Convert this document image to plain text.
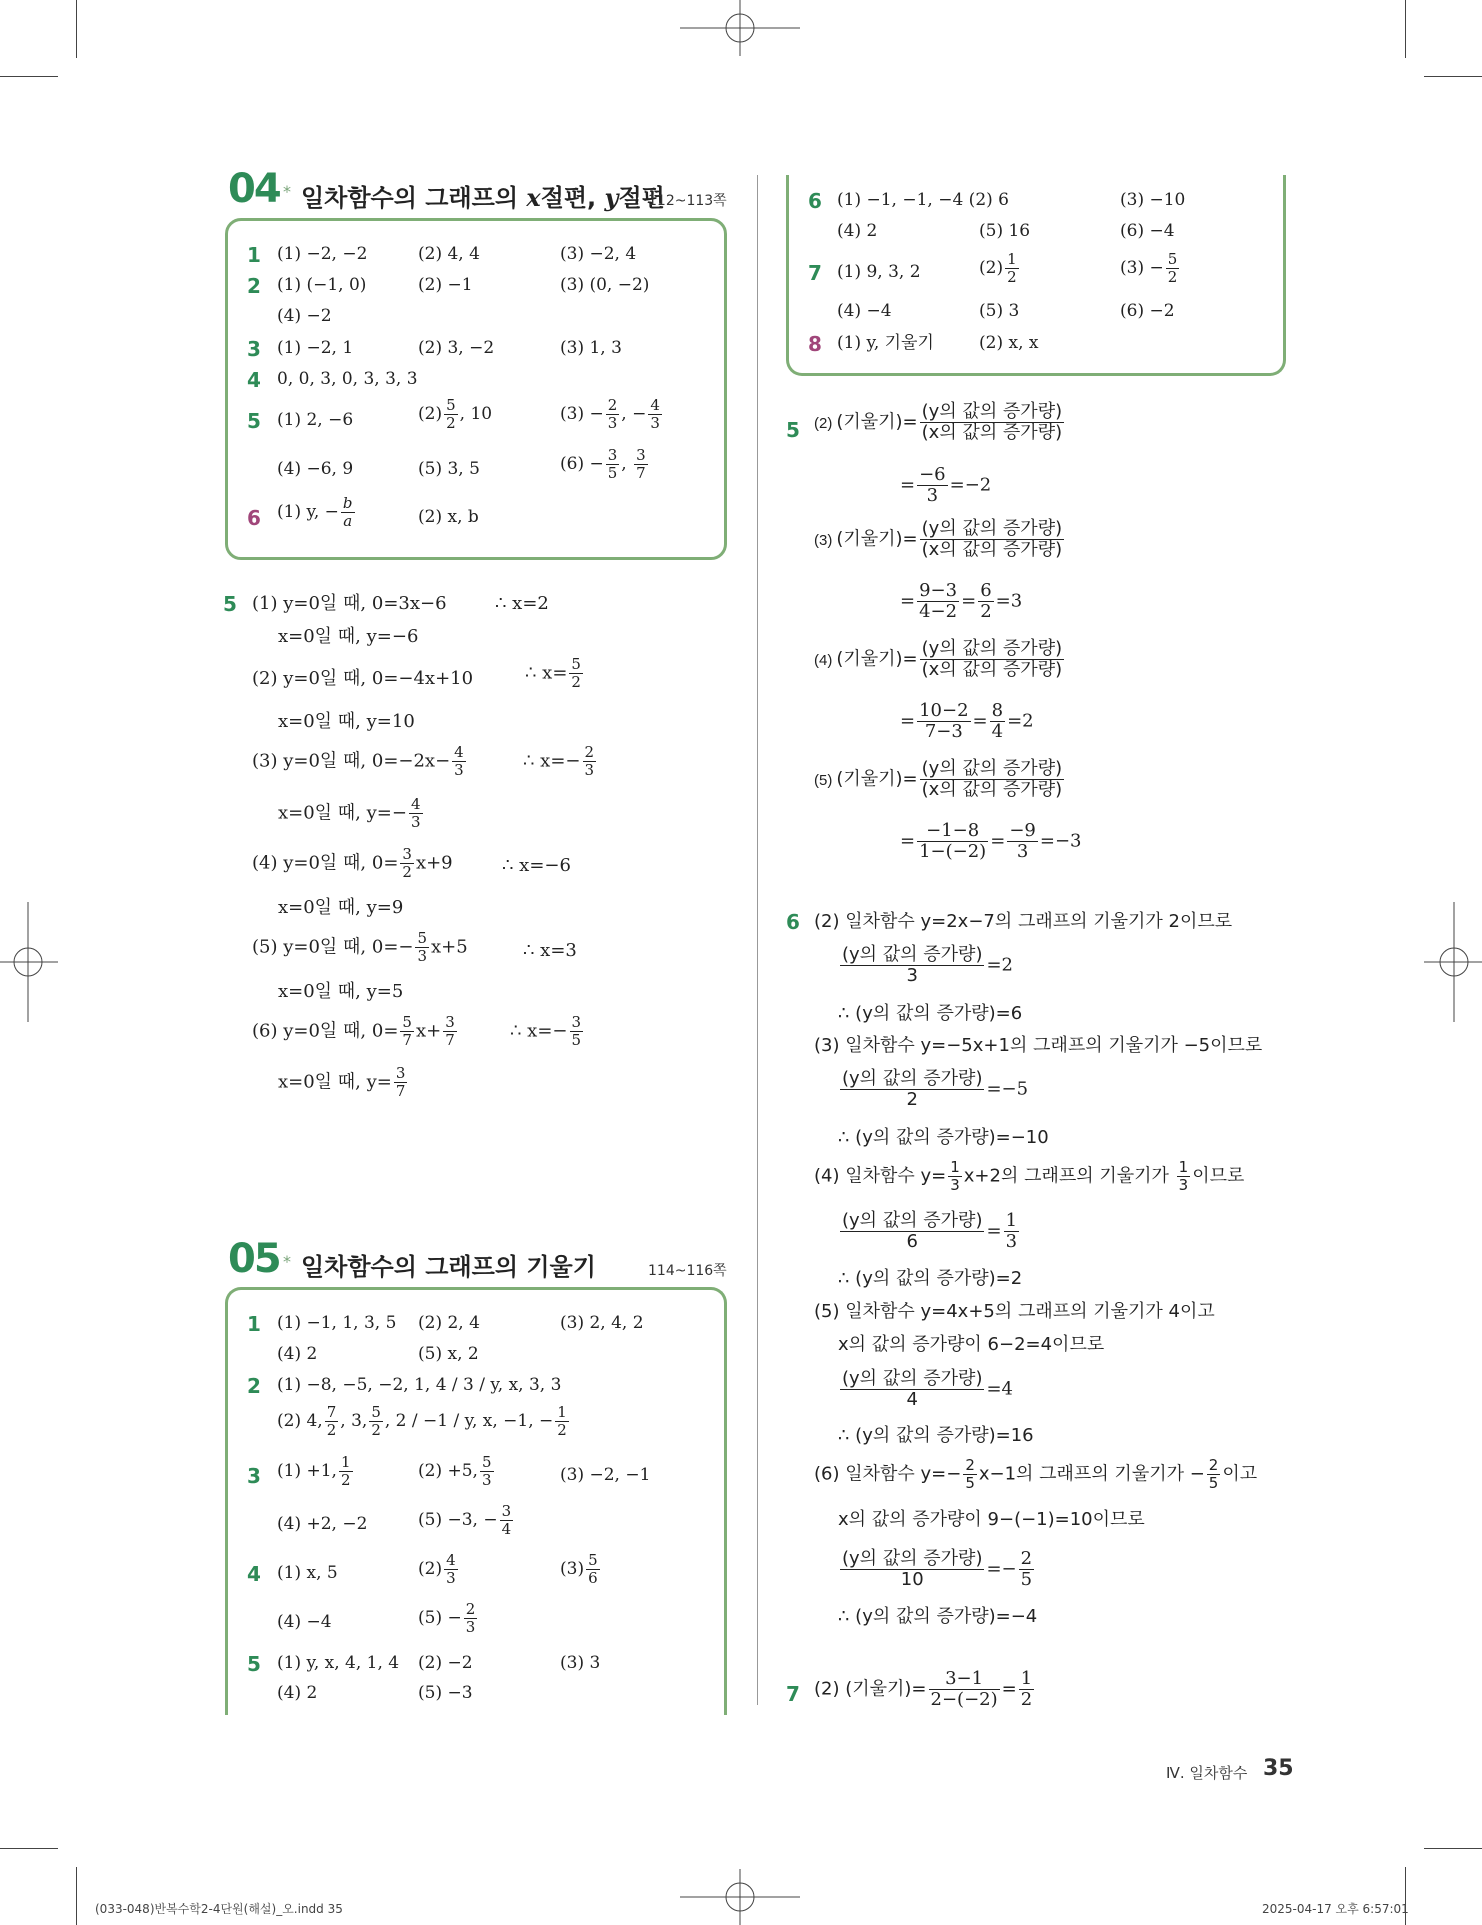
04 * 일차함수의 그래프의 x절편, y절편
112~113쪽
1 (1) −2, −2	(2) 4, 4	(3) −2, 4
2 (1) (−1, 0)	(2) −1	(3) (0, −2)
(4) −2
3 (1) −2, 1	(2) 3, −2	(3) 1, 3
4 0, 0, 3, 0, 3, 3, 3
5 (1) 2, −6	$(2) \frac{5}{2}$ , 10	$(3) - \frac{2}{3}$ , − $\frac{4}{3}$
(4) −6, 9	(5) 3, 5	$(6) - \frac{3}{5}$ , $\frac{3}{7}$
6 (1) y, − $\frac{b}{a}$	(2) x, b
5 (1) y=0일 때, 0=3x−6	∴ x=2
x=0일 때, y=−6
(2) y=0일 때, 0=−4x+10	∴ $x= \frac{5}{2}$
x=0일 때, y=10
(3) y=0일 때, $0=-2x- \frac{4}{3}$	∴ $x=- \frac{2}{3}$
x=0일 때, $y=- \frac{4}{3}$
(4) y=0일 때, $0= \frac{3}{2} x+9$	∴ x=−6
x=0일 때, y=9
(5) y=0일 때, $0=- \frac{5}{3} x+5$	∴ x=3
x=0일 때, y=5
(6) y=0일 때, $0= \frac{5}{7} x+ \frac{3}{7}$	∴ $x=- \frac{3}{5}$
x=0일 때, $y= \frac{3}{7}$
05 * 일차함수의 그래프의 기울기	114~116쪽
1 (1) −1, 1, 3, 5 (2) 2, 4	(3) 2, 4, 2
(4) 2	(5) x, 2
2 (1) −8, −5, −2, 1, 4 / 3 / y, x, 3, 3
(2) 4, $\frac{7}{2}$ , 3, $\frac{5}{2}$ , 2 / −1 / y, x, −1, − $\frac{1}{2}$
3 (1) +1, $\frac{1}{2}$	(2) +5, $\frac{5}{3}$	(3) −2, −1
(4) +2, −2	(5) −3, − $\frac{3}{4}$
4 (1) x, 5	$(2) \frac{4}{3}$	$(3) \frac{5}{6}$
(4) −4	$(5) - \frac{2}{3}$
5 (1) y, x, 4, 1, 4 (2) −2	(3) 3
(4) 2	(5) −3
6 (1) −1, −1, −4 (2) 6	(3) −10
(4) 2	(5) 16	(6) −4
7 (1) 9, 3, 2	$(2) \frac{1}{2}$	$(3) - \frac{5}{2}$
(4) −4	(5) 3	(6) −2
8 (1) y, 기울기	(2) x, x
5 (2) (기울기)= $\frac{\text{(y의 값의 증가량)}}{\text{(x의 값의 증가량)}}$
= $\frac{-6}{3} =-2$
(3) (기울기)= $\frac{\text{(y의 값의 증가량)}}{\text{(x의 값의 증가량)}}$
= $\frac{9-3}{4-2} = \frac{6}{2} =3$
(4) (기울기)= $\frac{\text{(y의 값의 증가량)}}{\text{(x의 값의 증가량)}}$
= $\frac{10-2}{7-3} = \frac{8}{4} =2$
(5) (기울기)= $\frac{\text{(y의 값의 증가량)}}{\text{(x의 값의 증가량)}}$
= $\frac{-1-8}{1-(-2)} = \frac{-9}{3} =-3$
6 (2) 일차함수 y=2x−7의 그래프의 기울기가 2이므로
$\frac{\text{(y의 값의 증가량)}}{3} =2$
∴ (y의 값의 증가량)=6
(3) 일차함수 y=−5x+1의 그래프의 기울기가 −5이므로
$\frac{\text{(y의 값의 증가량)}}{2} =-5$
∴ (y의 값의 증가량)=−10
(4) 일차함수 $y= \frac{1}{3} x+2$의 그래프의 기울기가 $\frac{1}{3}$ 이므로
$\frac{\text{(y의 값의 증가량)}}{6} = \frac{1}{3}$
∴ (y의 값의 증가량)=2
(5) 일차함수 y=4x+5의 그래프의 기울기가 4이고
x의 값의 증가량이 6−2=4이므로
$\frac{\text{(y의 값의 증가량)}}{4} =4$
∴ (y의 값의 증가량)=16
(6) 일차함수 $y=- \frac{2}{5} x-1$의 그래프의 기울기가 − $\frac{2}{5}$ 이고
x의 값의 증가량이 9−(−1)=10이므로
$\frac{\text{(y의 값의 증가량)}}{10} =- \frac{2}{5}$
∴ (y의 값의 증가량)=−4
7 (2) (기울기)= $\frac{3-1}{2-(-2)} = \frac{1}{2}$
Ⅳ. 일차함수 35
(033-048)반복수학2-4단원(해설)_오.indd 35	2025-04-17 오후 6:57:01
